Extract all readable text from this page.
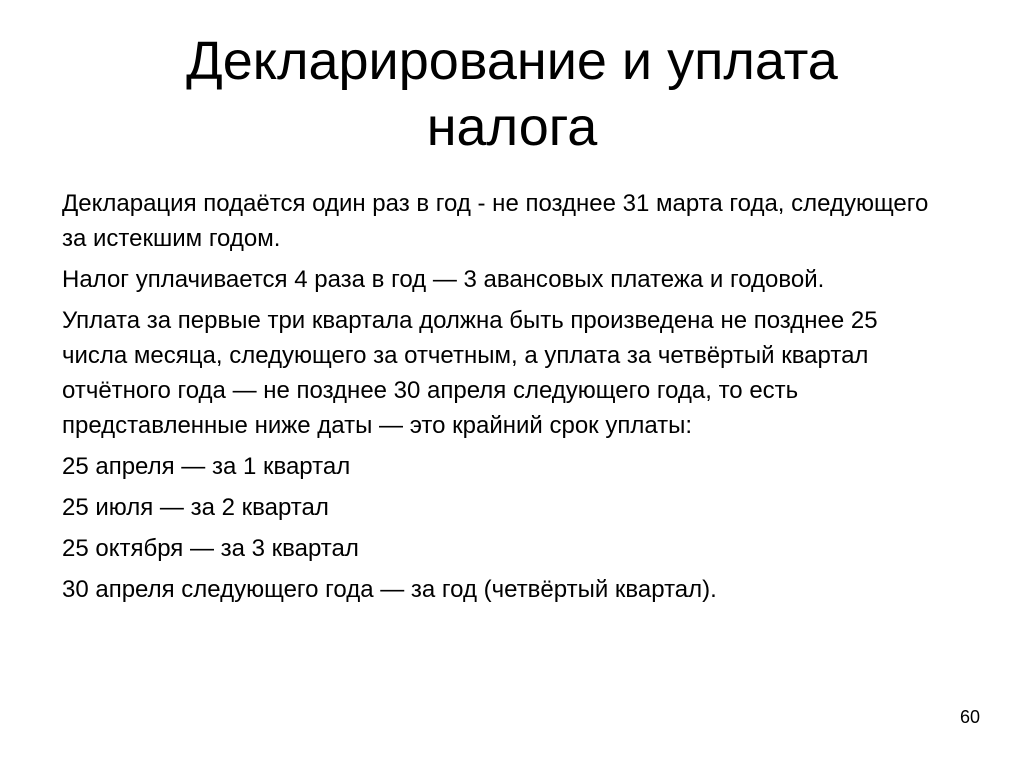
Декларирование и уплата
налога

Декларация подаётся один раз в год - не позднее 31 марта года, следующего за истекшим годом.

Налог уплачивается 4 раза в год — 3 авансовых платежа и годовой.

Уплата за первые три квартала должна быть произведена не позднее 25 числа месяца, следующего за отчетным, а уплата за четвёртый квартал отчётного года — не позднее 30 апреля следующего года, то есть представленные ниже даты — это крайний срок уплаты:

25 апреля — за 1 квартал

25 июля — за 2 квартал

25 октября — за 3 квартал

30 апреля следующего года — за год (четвёртый квартал).

60
